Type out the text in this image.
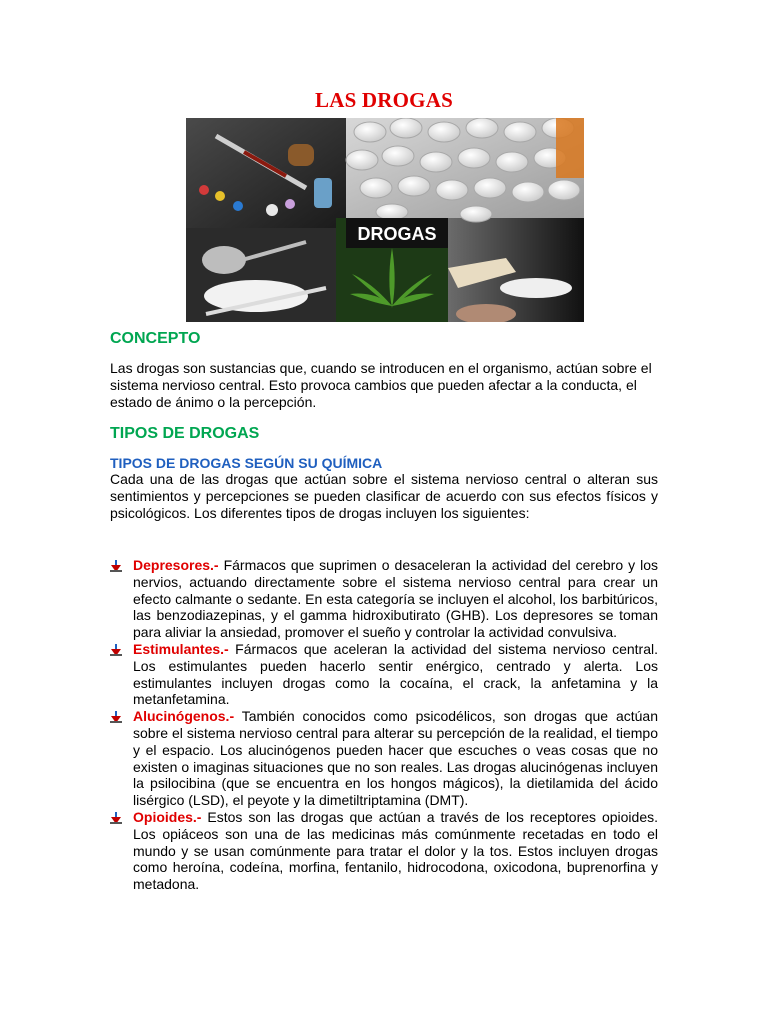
LAS DROGAS
DROGAS
CONCEPTO

Las drogas son sustancias que, cuando se introducen en el organismo, actúan sobre el sistema nervioso central. Esto provoca cambios que pueden afectar a la conducta, el estado de ánimo o la percepción.

TIPOS DE DROGAS
TIPOS DE DROGAS SEGÚN SU QUÍMICA

Cada una de las drogas que actúan sobre el sistema nervioso central o alteran sus sentimientos y percepciones se pueden clasificar de acuerdo con sus efectos físicos y psicológicos. Los diferentes tipos de drogas incluyen los siguientes:

Depresores.- Fármacos que suprimen o desaceleran la actividad del cerebro y los nervios, actuando directamente sobre el sistema nervioso central para crear un efecto calmante o sedante. En esta categoría se incluyen el alcohol, los barbitúricos, las benzodiazepinas, y el gamma hidroxibutirato (GHB). Los depresores se toman para aliviar la ansiedad, promover el sueño y controlar la actividad convulsiva.
Estimulantes.- Fármacos que aceleran la actividad del sistema nervioso central. Los estimulantes pueden hacerlo sentir enérgico, centrado y alerta. Los estimulantes incluyen drogas como la cocaína, el crack, la anfetamina y la metanfetamina.
Alucinógenos.- También conocidos como psicodélicos, son drogas que actúan sobre el sistema nervioso central para alterar su percepción de la realidad, el tiempo y el espacio. Los alucinógenos pueden hacer que escuches o veas cosas que no existen o imaginas situaciones que no son reales. Las drogas alucinógenas incluyen la psilocibina (que se encuentra en los hongos mágicos), la dietilamida del ácido lisérgico (LSD), el peyote y la dimetiltriptamina (DMT).
Opioides.- Estos son las drogas que actúan a través de los receptores opioides. Los opiáceos son una de las medicinas más comúnmente recetadas en todo el mundo y se usan comúnmente para tratar el dolor y la tos. Estos incluyen drogas como heroína, codeína, morfina, fentanilo, hidrocodona, oxicodona, buprenorfina y metadona.
